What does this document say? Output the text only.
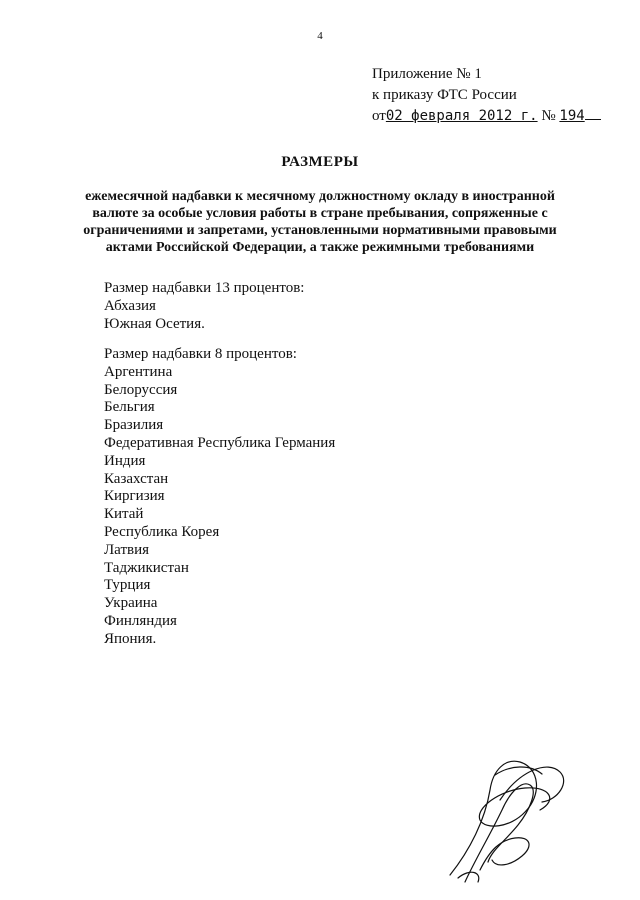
4
Приложение № 1
к приказу ФТС России
от02 февраля 2012 г. № 194
РАЗМЕРЫ
ежемесячной надбавки к месячному должностному окладу в иностранной
валюте за особые условия работы в стране пребывания, сопряженные с
ограничениями и запретами, установленными нормативными правовыми
актами Российской Федерации, а также режимными требованиями
Размер надбавки 13 процентов:
Абхазия
Южная Осетия.
Размер надбавки 8 процентов:
Аргентина
Белоруссия
Бельгия
Бразилия
Федеративная Республика Германия
Индия
Казахстан
Киргизия
Китай
Республика Корея
Латвия
Таджикистан
Турция
Украина
Финляндия
Япония.
